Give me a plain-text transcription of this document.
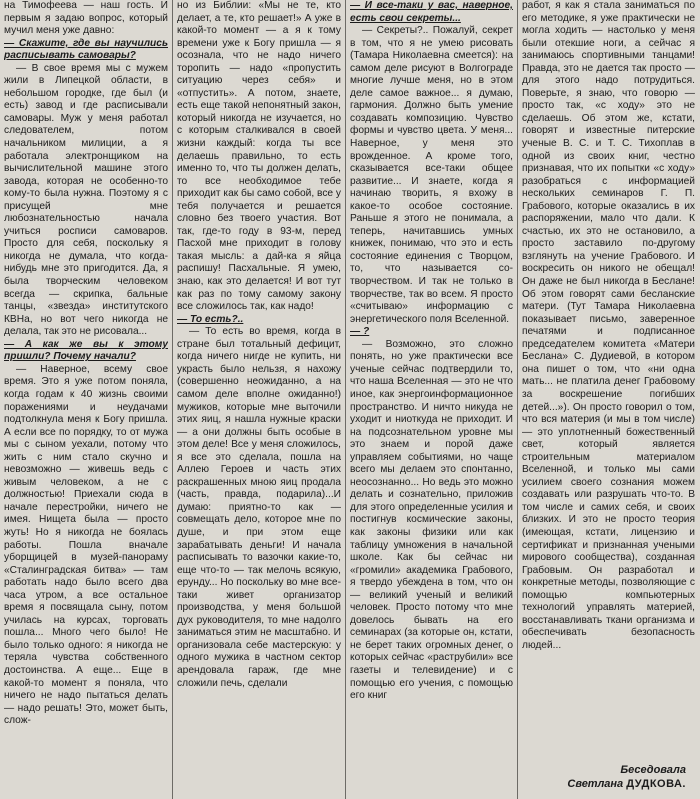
на Тимофеева — наш гость. И первым я задаю вопрос, который мучил меня уже давно:

— Скажите, где вы научились расписывать самовары?

— В свое время мы с мужем жили в Липецкой области, в небольшом городке, где был (и есть) завод и где расписывали самовары. Муж у меня работал следователем, потом начальником милиции, а я работала электронщиком на вычислительной машине этого завода, которая не особенно-то кому-то была нужна. Поэтому я с присущей мне любознательностью начала учиться росписи самоваров. Просто для себя, поскольку я никогда не думала, что когда-нибудь мне это пригодится. Да, я была творческим человеком всегда — скрипка, бальные танцы, «звезда» институтского КВНа, но вот чего никогда не делала, так это не рисовала...

— А как же вы к этому пришли? Почему начали?

— Наверное, всему свое время. Это я уже потом поняла, когда годам к 40 жизнь своими поражениями и неудачами подтолкнула меня к Богу пришла. А если все по порядку, то от мужа мы с сыном уехали, потому что жить с ним стало скучно и невозможно — живешь ведь с живым человеком, а не с должностью! Приехали сюда в начале перестройки, ничего не имея. Нищета была — просто жуть! Но я никогда не боялась работы. Пошла вначале уборщицей в музей-панораму «Сталинградская битва» — там работать надо было всего два часа утром, а все остальное время я посвящала сыну, потом училась на курсах, торговать пошла... Много чего было! Не было только одного: я никогда не теряла чувства собственного достоинства. А еще... Еще в какой-то момент я поняла, что ничего не надо пытаться делать — надо решать! Это, может быть, слож-

но из Библии: «Мы не те, кто делает, а те, кто решает!» А уже в какой-то момент — а я к тому времени уже к Богу пришла — я осознала, что не надо ничего торопить — надо «пропустить ситуацию через себя» и «отпустить». А потом, знаете, есть еще такой непонятный закон, который никогда не изучается, но с которым сталкивался в своей жизни каждый: когда ты все делаешь правильно, то есть именно то, что ты должен делать, то все необходимое тебе приходит как бы само собой, все у тебя получается и решается словно без твоего участия. Вот так, где-то году в 93-м, перед Пасхой мне приходит в голову такая мысль: а дай-ка я яйца распишу! Пасхальные. Я умею, знаю, как это делается! И вот тут как раз по тому самому закону все сложилось так, как надо!

— То есть?..

— То есть во время, когда в стране был тотальный дефицит, когда ничего нигде не купить, ни украсть было нельзя, я нахожу (совершенно неожиданно, а на самом деле вполне ожиданно!) мужиков, которые мне выточили этих яиц, я нашла нужные краски — а они должны быть особые в этом деле! Все у меня сложилось, я все это сделала, пошла на Аллею Героев и часть этих раскрашенных мною яиц продала (часть, правда, подарила)...И думаю: приятно-то как — совмещать дело, которое мне по душе, и при этом еще зарабатывать деньги! И начала расписывать то вазочки какие-то, еще что-то — так мелочь всякую, ерунду... Но поскольку во мне все-таки живет организатор производства, у меня большой дух руководителя, то мне надолго заниматься этим не масштабно. И организовала себе мастерскую: у одного мужика в частном сектор арендовала гараж, где мне сложили печь, сделали

— И все-таки у вас, наверное, есть свои секреты...

— Секреты?.. Пожалуй, секрет в том, что я не умею рисовать (Тамара Николаевна смеется): на самом деле рисуют в Волгограде многие лучше меня, но в этом деле самое важное... я думаю, гармония. Должно быть умение создавать композицию. Чувство формы и чувство цвета. У меня... Наверное, у меня это врожденное. А кроме того, сказывается все-таки общее развитие... И знаете, когда я начинаю творить, я вхожу в какое-то особое состояние. Раньше я этого не понимала, а теперь, начитавшись умных книжек, понимаю, что это и есть состояние единения с Творцом, то, что называется со-творчеством. И так не только в творчестве, так во всем. Я просто «считываю» информацию с энергетического поля Вселенной.

— ?

— Возможно, это сложно понять, но уже практически все ученые сейчас подтвердили то, что наша Вселенная — это не что иное, как энергоинформационное пространство. И ничто никуда не уходит и ниоткуда не приходит. И на подсознательном уровне мы это знаем и порой даже управляем событиями, но чаще всего мы делаем это спонтанно, неосознанно... Но ведь это можно делать и сознательно, приложив для этого определенные усилия и постигнув космические законы, как законы физики или как таблицу умножения в начальной школе. Как бы сейчас ни «громили» академика Грабового, я твердо убеждена в том, что он — великий ученый и великий человек. Просто потому что мне довелось бывать на его семинарах (за которые он, кстати, не берет таких огромных денег, о которых сейчас «раструбили» все газеты и телевидение) и с помощью его учения, с помощью его книг

работ, я как я стала заниматься по его методике, я уже практически не могла ходить — настолько у меня были отекшие ноги, а сейчас я занимаюсь спортивными танцами! Правда, это не дается так просто — для этого надо потрудиться. Поверьте, я знаю, что говорю — просто так, «с ходу» это не сделаешь. Об этом же, кстати, говорят и известные питерские ученые В. С. и Т. С. Тихоплав в одной из своих книг, честно признавая, что их попытки «с ходу» разобраться с информацией нескольких семинаров Г. П. Грабового, которые оказались в их распоряжении, мало что дали. К счастью, их это не остановило, а просто заставило по-другому взглянуть на учение Грабового. И воскресить он никого не обещал! Он даже не был никогда в Беслане! Об этом говорят сами бесланские матери. (Тут Тамара Николаевна показывает письмо, заверенное печатями и подписанное председателем комитета «Матери Беслана» С. Дудиевой, в котором она пишет о том, что «ни одна мать... не платила денег Грабовому за воскрешение погибших детей...»). Он просто говорил о том, что вся материя (и мы в том числе) — это уплотненный божественный свет, который является строительным материалом Вселенной, и только мы сами усилием своего сознания можем создавать или разрушать что-то. В том числе и самих себя, и своих близких. И это не просто теория (имеющая, кстати, лицензию и сертификат и признанная учеными мирового сообщества), созданная Грабовым. Он разработал и конкретные методы, позволяющие с помощью компьютерных технологий управлять материей, восстанавливать ткани организма и обеспечивать безопасность людей...

Беседовала
Светлана ДУДКОВА.
